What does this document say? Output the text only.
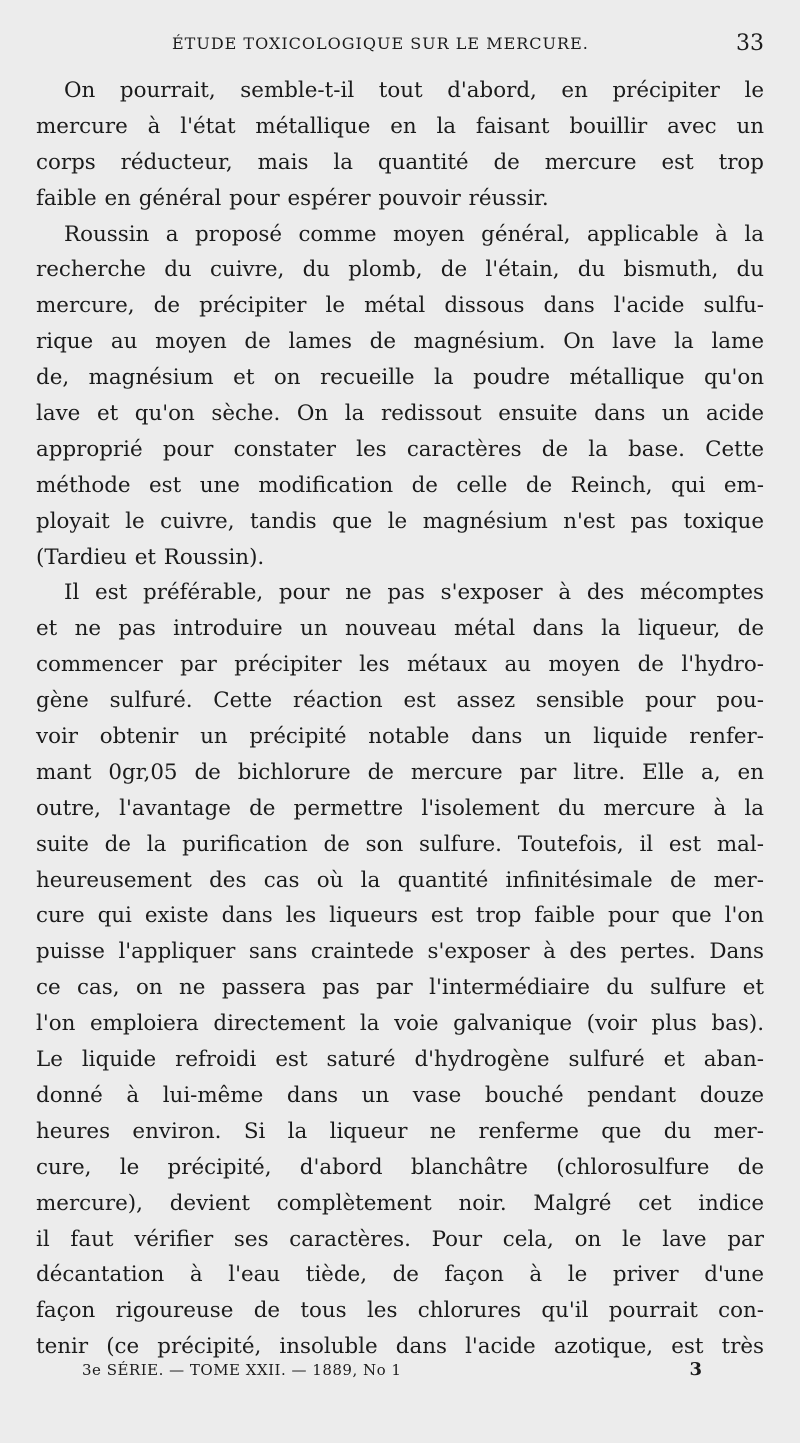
ÉTUDE TOXICOLOGIQUE SUR LE MERCURE.	33
On pourrait, semble-t-il tout d'abord, en précipiter le
mercure à l'état métallique en la faisant bouillir avec un
corps réducteur, mais la quantité de mercure est trop
faible en général pour espérer pouvoir réussir.
Roussin a proposé comme moyen général, applicable à la
recherche du cuivre, du plomb, de l'étain, du bismuth, du
mercure, de précipiter le métal dissous dans l'acide sulfu-
rique au moyen de lames de magnésium. On lave la lame
de, magnésium et on recueille la poudre métallique qu'on
lave et qu'on sèche. On la redissout ensuite dans un acide
approprié pour constater les caractères de la base. Cette
méthode est une modification de celle de Reinch, qui em-
ployait le cuivre, tandis que le magnésium n'est pas toxique
(Tardieu et Roussin).
Il est préférable, pour ne pas s'exposer à des mécomptes
et ne pas introduire un nouveau métal dans la liqueur, de
commencer par précipiter les métaux au moyen de l'hydro-
gène sulfuré. Cette réaction est assez sensible pour pou-
voir obtenir un précipité notable dans un liquide renfer-
mant 0gr,05 de bichlorure de mercure par litre. Elle a, en
outre, l'avantage de permettre l'isolement du mercure à la
suite de la purification de son sulfure. Toutefois, il est mal-
heureusement des cas où la quantité infinitésimale de mer-
cure qui existe dans les liqueurs est trop faible pour que l'on
puisse l'appliquer sans craintede s'exposer à des pertes. Dans
ce cas, on ne passera pas par l'intermédiaire du sulfure et
l'on emploiera directement la voie galvanique (voir plus bas).
Le liquide refroidi est saturé d'hydrogène sulfuré et aban-
donné à lui-même dans un vase bouché pendant douze
heures environ. Si la liqueur ne renferme que du mer-
cure, le précipité, d'abord blanchâtre (chlorosulfure de
mercure), devient complètement noir. Malgré cet indice
il faut vérifier ses caractères. Pour cela, on le lave par
décantation à l'eau tiède, de façon à le priver d'une
façon rigoureuse de tous les chlorures qu'il pourrait con-
tenir (ce précipité, insoluble dans l'acide azotique, est très
3e SÉRIE. — TOME XXII. — 1889, No 1	3
